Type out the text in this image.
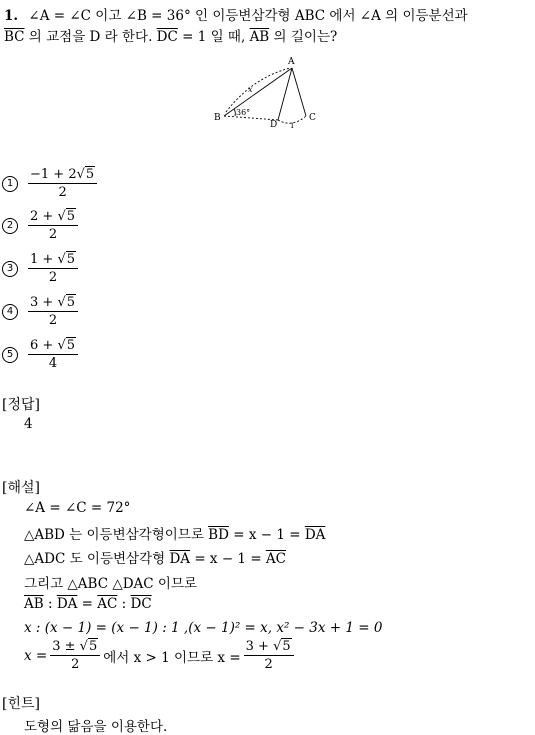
1. ∠A = ∠C 이고 ∠B = 36° 인 이등변삼각형 ABC 에서 ∠A 의 이등분선과
$\overline{BC}$ 의 교점을 D 라 한다. $\overline{DC} = 1$ 일 때, $\overline{AB}$ 의 길이는?
A
B	C
D
x
36°
1
1	$\frac{-1 + 2√5}{2}$
2	$\frac{2 + √5}{2}$
3	$\frac{1 + √5}{2}$
4	$\frac{3 + √5}{2}$
5	$\frac{6 + √5}{4}$
[정답]
4
[해설]
∠A = ∠C = 72°
△ABD 는 이등변삼각형이므로 $\overline{BD} = x - 1 = \overline{DA}$
△ADC 도 이등변삼각형 $\overline{DA} = x - 1 = \overline{AC}$
그리고 △ABC △DAC 이므로
$\overline{AB}$ : $\overline{DA} = \overline{AC}$ : $\overline{DC}$
x : (x − 1) = (x − 1) : 1 ,(x − 1)² = x, x² − 3x + 1 = 0
$x = \frac{3 \pm √5}{2}$ 에서 x > 1 이므로 $x = \frac{3 + √5}{2}$
[힌트]
도형의 닮음을 이용한다.
